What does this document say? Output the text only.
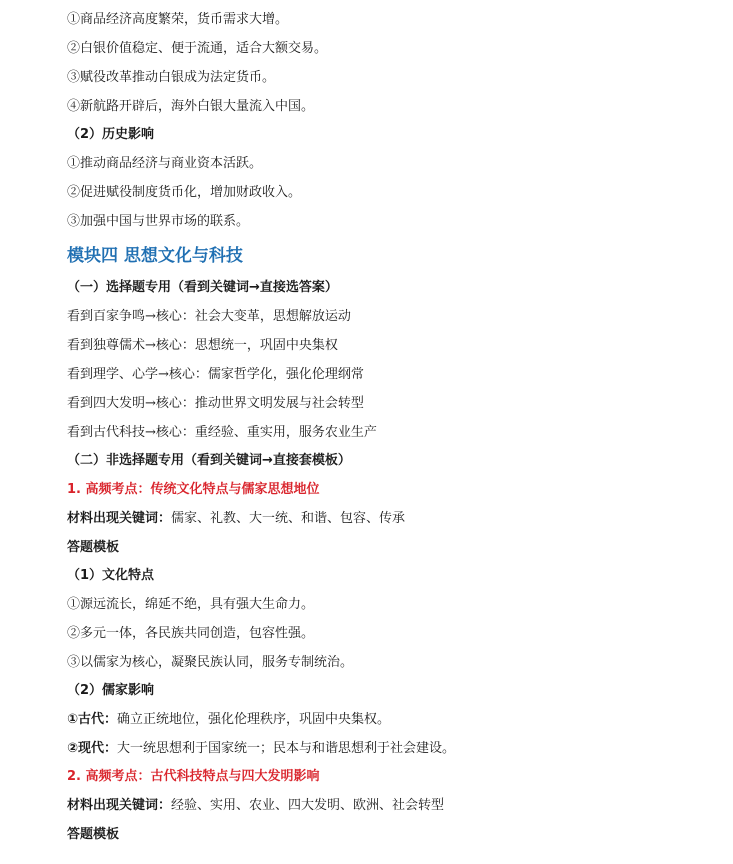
①商品经济高度繁荣，货币需求大增。
②白银价值稳定、便于流通，适合大额交易。
③赋役改革推动白银成为法定货币。
④新航路开辟后，海外白银大量流入中国。
（2）历史影响
①推动商品经济与商业资本活跃。
②促进赋役制度货币化，增加财政收入。
③加强中国与世界市场的联系。
模块四 思想文化与科技
（一）选择题专用（看到关键词→直接选答案）
看到百家争鸣→核心：社会大变革，思想解放运动
看到独尊儒术→核心：思想统一，巩固中央集权
看到理学、心学→核心：儒家哲学化，强化伦理纲常
看到四大发明→核心：推动世界文明发展与社会转型
看到古代科技→核心：重经验、重实用，服务农业生产
（二）非选择题专用（看到关键词→直接套模板）
1. 高频考点：传统文化特点与儒家思想地位
材料出现关键词：儒家、礼教、大一统、和谐、包容、传承
答题模板
（1）文化特点
①源远流长，绵延不绝，具有强大生命力。
②多元一体，各民族共同创造，包容性强。
③以儒家为核心，凝聚民族认同，服务专制统治。
（2）儒家影响
①古代：确立正统地位，强化伦理秩序，巩固中央集权。
②现代：大一统思想利于国家统一；民本与和谐思想利于社会建设。
2. 高频考点：古代科技特点与四大发明影响
材料出现关键词：经验、实用、农业、四大发明、欧洲、社会转型
答题模板
